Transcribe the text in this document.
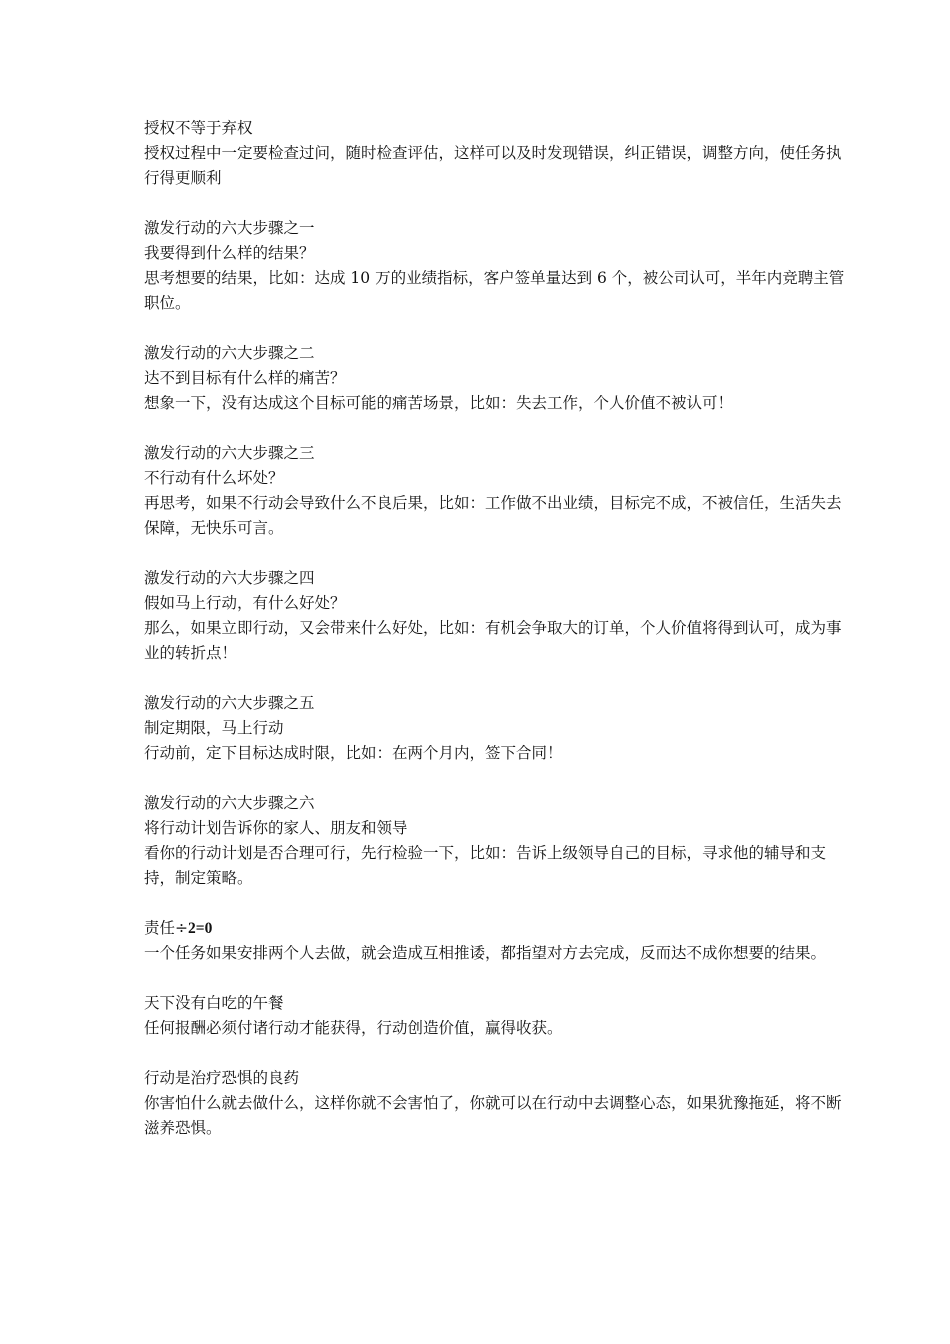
授权不等于弃权

授权过程中一定要检查过问，随时检查评估，这样可以及时发现错误，纠正错误，调整方向，使任务执行得更顺利

激发行动的六大步骤之一

我要得到什么样的结果？

思考想要的结果，比如：达成 10 万的业绩指标，客户签单量达到 6 个，被公司认可，半年内竞聘主管职位。

激发行动的六大步骤之二

达不到目标有什么样的痛苦？

想象一下，没有达成这个目标可能的痛苦场景，比如：失去工作，个人价值不被认可！

激发行动的六大步骤之三

不行动有什么坏处？

再思考，如果不行动会导致什么不良后果，比如：工作做不出业绩，目标完不成，不被信任，生活失去保障，无快乐可言。

激发行动的六大步骤之四

假如马上行动，有什么好处？

那么，如果立即行动，又会带来什么好处，比如：有机会争取大的订单，个人价值将得到认可，成为事业的转折点！

激发行动的六大步骤之五

制定期限，马上行动

行动前，定下目标达成时限，比如：在两个月内，签下合同！

激发行动的六大步骤之六

将行动计划告诉你的家人、朋友和领导

看你的行动计划是否合理可行，先行检验一下，比如：告诉上级领导自己的目标，寻求他的辅导和支持，制定策略。

责任÷2=0

一个任务如果安排两个人去做，就会造成互相推诿，都指望对方去完成，反而达不成你想要的结果。

天下没有白吃的午餐

任何报酬必须付诸行动才能获得，行动创造价值，赢得收获。

行动是治疗恐惧的良药

你害怕什么就去做什么，这样你就不会害怕了，你就可以在行动中去调整心态，如果犹豫拖延，将不断滋养恐惧。
